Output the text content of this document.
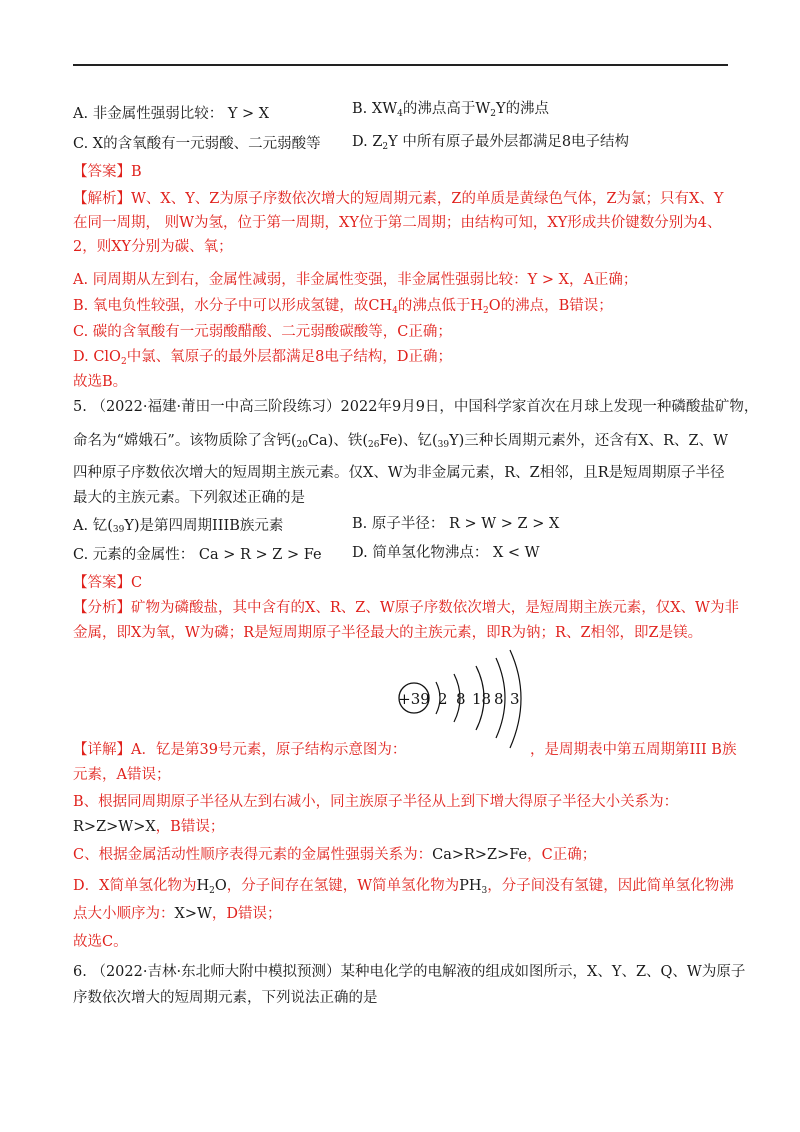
A. 非金属性强弱比较： Y > X	B. $XW_4$的沸点高于$W_2Y$的沸点
C. X的含氧酸有一元弱酸、二元弱酸等 D. $Z_2Y$ 中所有原子最外层都满足8电子结构
【答案】B
【解析】W、X、Y、Z为原子序数依次增大的短周期元素，Z的单质是黄绿色气体，Z为氯；只有X、Y在同一周期， 则W为氢，位于第一周期，XY位于第二周期；由结构可知，XY形成共价键数分别为4、2，则XY分别为碳、氧；
A. 同周期从左到右，金属性减弱，非金属性变强，非金属性强弱比较：Y > X，A正确；
B. 氧电负性较强，水分子中可以形成氢键，故$CH_4$的沸点低于$H_2O$的沸点，B错误；
C. 碳的含氧酸有一元弱酸醋酸、二元弱酸碳酸等，C正确；
D. ClO$_2$中氯、氧原子的最外层都满足8电子结构，D正确；
故选B。
5. （2022·福建·莆田一中高三阶段练习）2022年9月9日，中国科学家首次在月球上发现一种磷酸盐矿物，
命名为“嫦娥石”。该物质除了含钙(20Ca)、铁(26Fe)、钇(39Y)三种长周期元素外，还含有X、R、Z、W
四种原子序数依次增大的短周期主族元素。仅X、W为非金属元素，R、Z相邻，且R是短周期原子半径
最大的主族元素。下列叙述正确的是
A. 钇(39Y)是第四周期IIIB族元素	B. 原子半径： R > W > Z > X
C. 元素的金属性： Ca > R > Z > Fe D. 简单氢化物沸点： X < W
【答案】C
【分析】矿物为磷酸盐，其中含有的X、R、Z、W原子序数依次增大，是短周期主族元素，仅X、W为非
金属，即X为氧，W为磷；R是短周期原子半径最大的主族元素，即R为钠；R、Z相邻，即Z是镁。
+39 2 8 18 8 3
【详解】A．钇是第39号元素，原子结构示意图为：	，是周期表中第五周期第III B族
元素，A错误；
B、根据同周期原子半径从左到右减小，同主族原子半径从上到下增大得原子半径大小关系为：
R>Z>W>X，B错误；
C、根据金属活动性顺序表得元素的金属性强弱关系为：Ca>R>Z>Fe，C正确；
D．X简单氢化物为$H_2O$，分子间存在氢键，W简单氢化物为$PH_3$，分子间没有氢键，因此简单氢化物沸
点大小顺序为：X>W，D错误；
故选C。
6. （2022·吉林·东北师大附中模拟预测）某种电化学的电解液的组成如图所示，X、Y、Z、Q、W为原子
序数依次增大的短周期元素，下列说法正确的是
